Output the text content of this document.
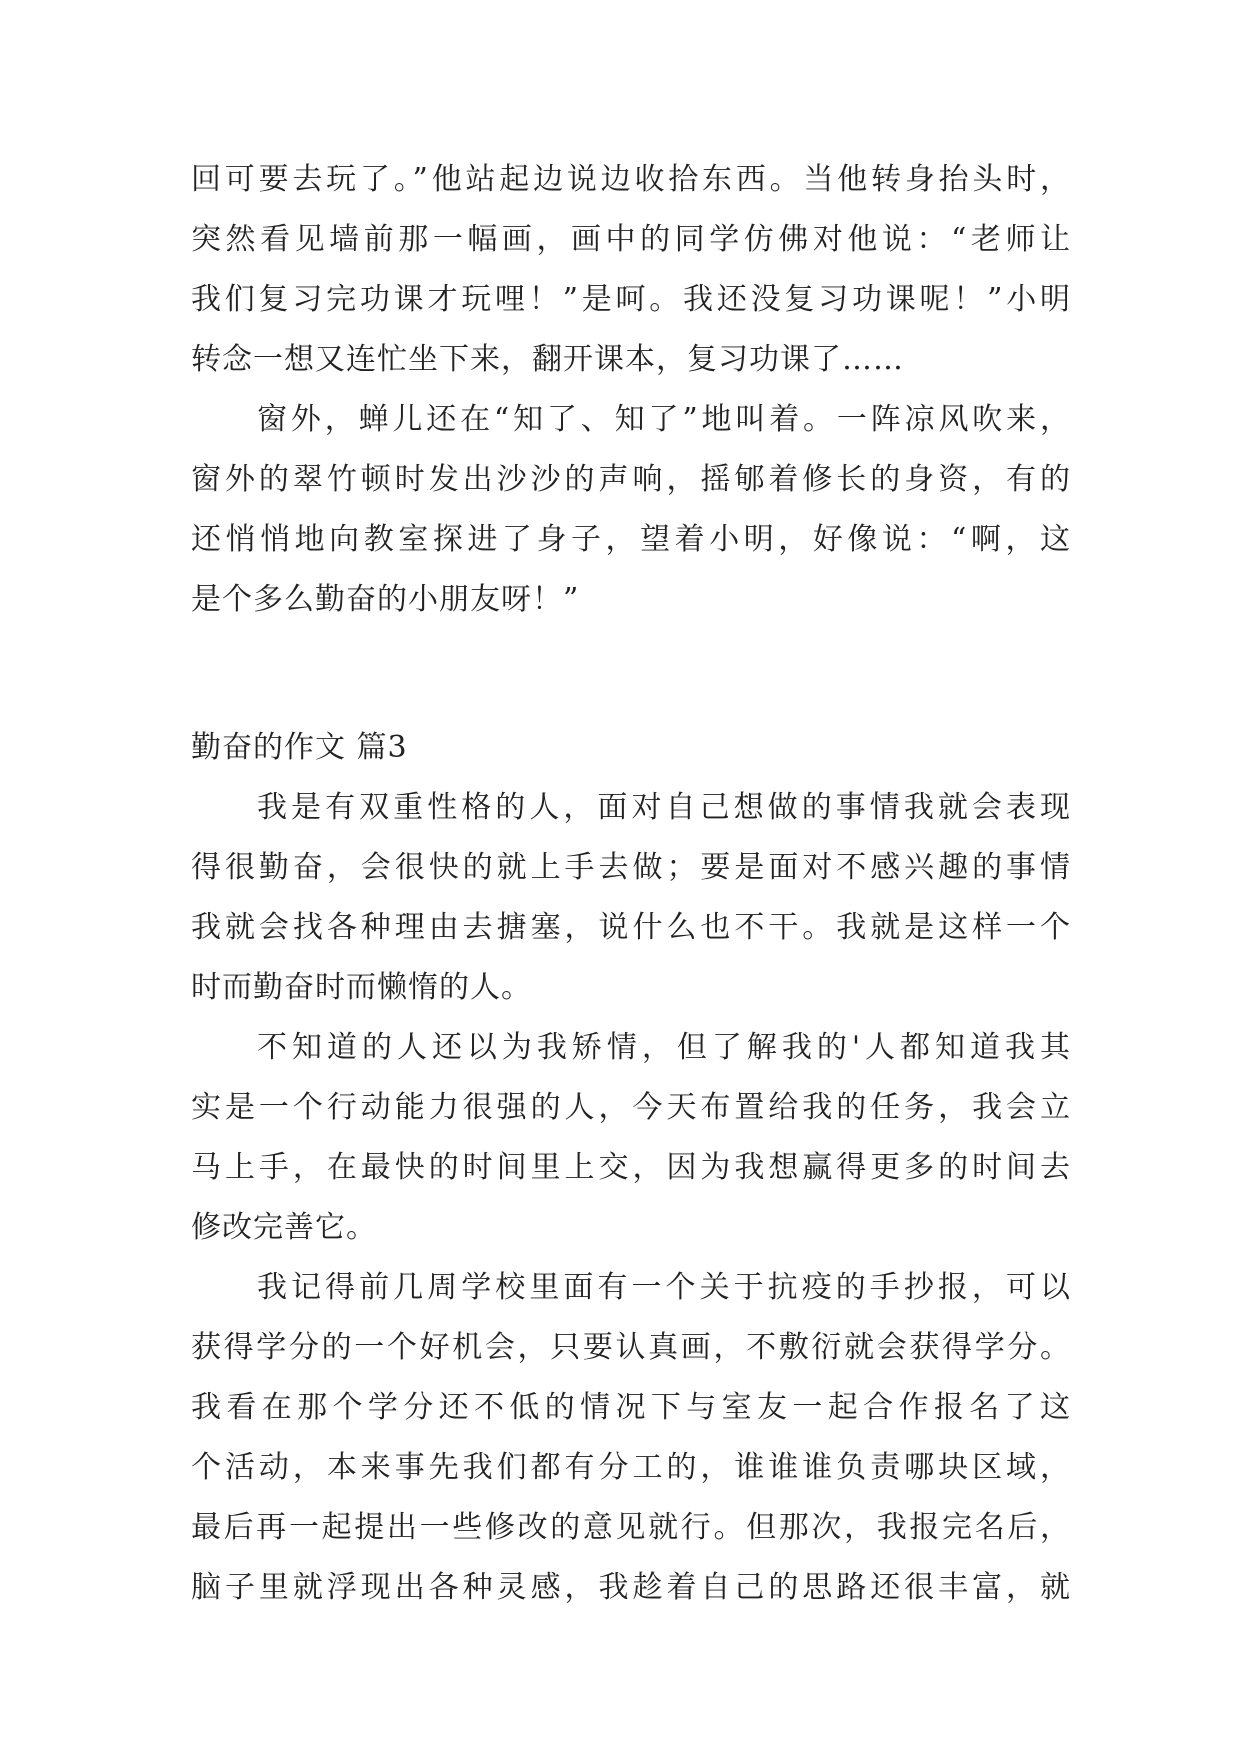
回可要去玩了。”他站起边说边收拾东西。当他转身抬头时，
突然看见墙前那一幅画，画中的同学仿佛对他说：“老师让
我们复习完功课才玩哩！”是呵。我还没复习功课呢！”小明
转念一想又连忙坐下来，翻开课本，复习功课了……
窗外，蝉儿还在“知了、知了”地叫着。一阵凉风吹来，
窗外的翠竹顿时发出沙沙的声响，摇郇着修长的身资，有的
还悄悄地向教室探进了身子，望着小明，好像说：“啊，这
是个多么勤奋的小朋友呀！”
勤奋的作文 篇3
我是有双重性格的人，面对自己想做的事情我就会表现
得很勤奋，会很快的就上手去做；要是面对不感兴趣的事情
我就会找各种理由去搪塞，说什么也不干。我就是这样一个
时而勤奋时而懒惰的人。
不知道的人还以为我矫情，但了解我的'人都知道我其
实是一个行动能力很强的人，今天布置给我的任务，我会立
马上手，在最快的时间里上交，因为我想赢得更多的时间去
修改完善它。
我记得前几周学校里面有一个关于抗疫的手抄报，可以
获得学分的一个好机会，只要认真画，不敷衍就会获得学分。
我看在那个学分还不低的情况下与室友一起合作报名了这
个活动，本来事先我们都有分工的，谁谁谁负责哪块区域，
最后再一起提出一些修改的意见就行。但那次，我报完名后，
脑子里就浮现出各种灵感，我趁着自己的思路还很丰富，就
